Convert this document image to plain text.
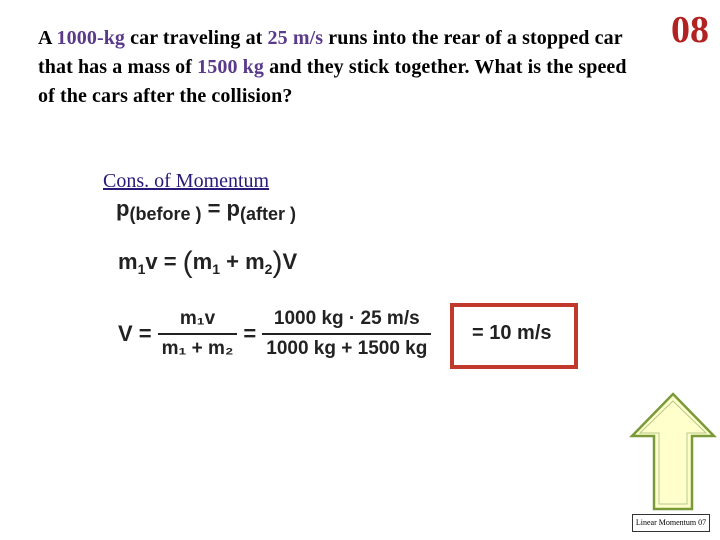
A 1000-kg car traveling at 25 m/s runs into the rear of a stopped car that has a mass of 1500 kg and they stick together. What is the speed of the cars after the collision?
08
Cons. of Momentum
p(before ) = p(after )
$m_1v = (m_1 + m_2)V$
$V = \frac{\text{m₁v}}{\text{m₁ + m₂}} = \frac{1000 kg \cdot 25 m/s}{1000 kg + 1500 kg} = 10$ m/s
Linear Momentum 07
